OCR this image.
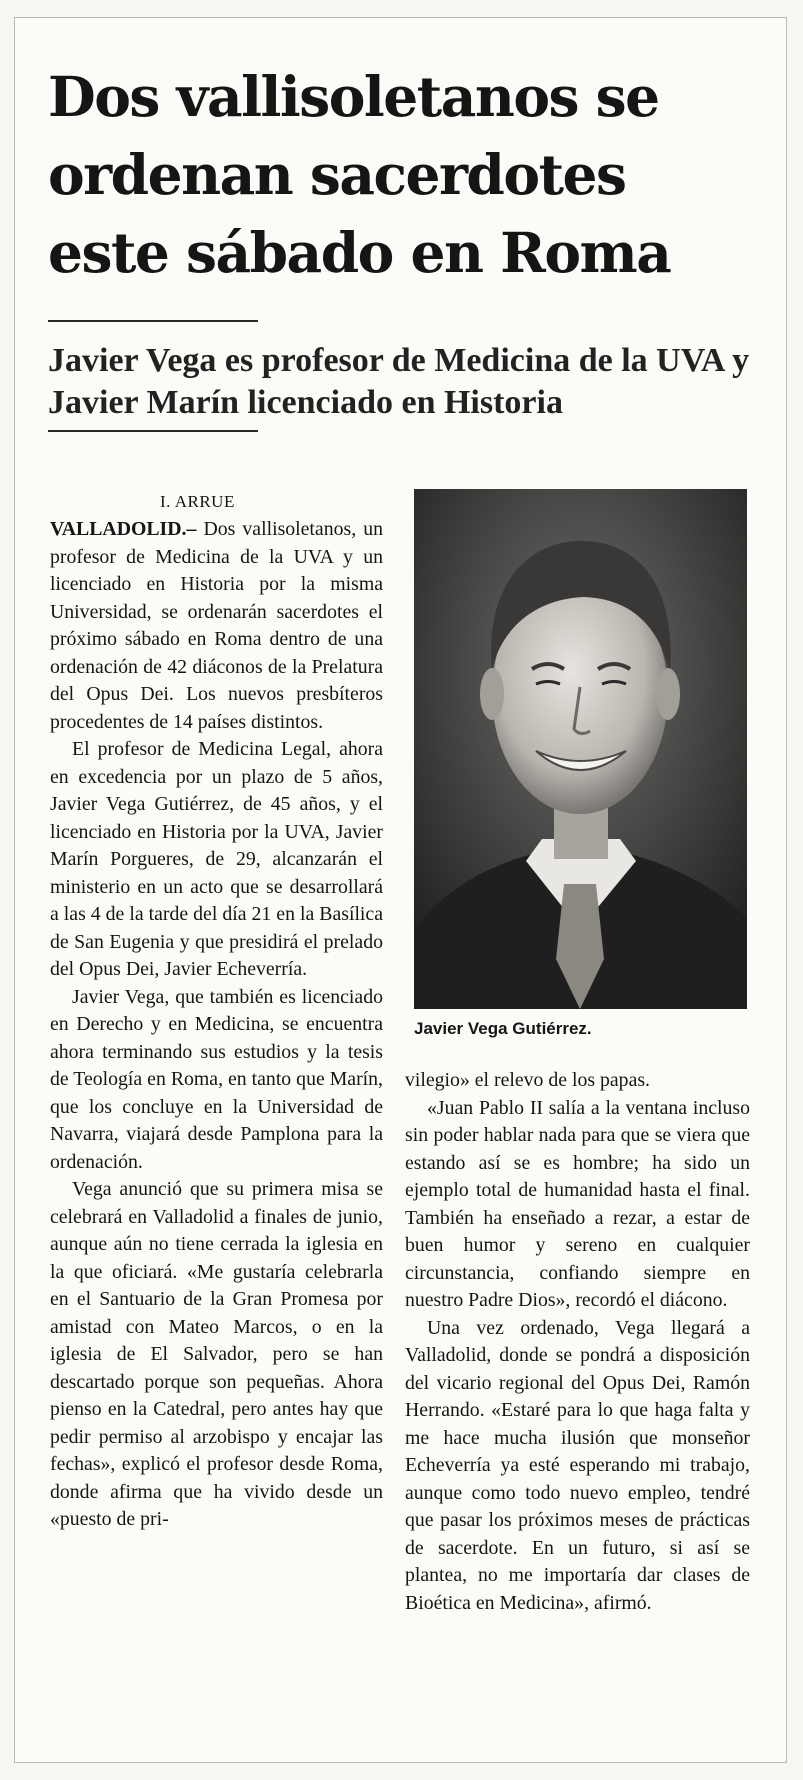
Dos vallisoletanos se ordenan sacerdotes este sábado en Roma
Javier Vega es profesor de Medicina de la UVA y Javier Marín licenciado en Historia
I. ARRUE

VALLADOLID.– Dos vallisoletanos, un profesor de Medicina de la UVA y un licenciado en Historia por la misma Universidad, se ordenarán sacerdotes el próximo sábado en Roma dentro de una ordenación de 42 diáconos de la Prelatura del Opus Dei. Los nuevos presbíteros procedentes de 14 países distintos.

El profesor de Medicina Legal, ahora en excedencia por un plazo de 5 años, Javier Vega Gutiérrez, de 45 años, y el licenciado en Historia por la UVA, Javier Marín Porgueres, de 29, alcanzarán el ministerio en un acto que se desarrollará a las 4 de la tarde del día 21 en la Basílica de San Eugenia y que presidirá el prelado del Opus Dei, Javier Echeverría.

Javier Vega, que también es licenciado en Derecho y en Medicina, se encuentra ahora terminando sus estudios y la tesis de Teología en Roma, en tanto que Marín, que los concluye en la Universidad de Navarra, viajará desde Pamplona para la ordenación.

Vega anunció que su primera misa se celebrará en Valladolid a finales de junio, aunque aún no tiene cerrada la iglesia en la que oficiará. «Me gustaría celebrarla en el Santuario de la Gran Promesa por amistad con Mateo Marcos, o en la iglesia de El Salvador, pero se han descartado porque son pequeñas. Ahora pienso en la Catedral, pero antes hay que pedir permiso al arzobispo y encajar las fechas», explicó el profesor desde Roma, donde afirma que ha vivido desde un «puesto de pri-

Javier Vega Gutiérrez.

vilegio» el relevo de los papas.

«Juan Pablo II salía a la ventana incluso sin poder hablar nada para que se viera que estando así se es hombre; ha sido un ejemplo total de humanidad hasta el final. También ha enseñado a rezar, a estar de buen humor y sereno en cualquier circunstancia, confiando siempre en nuestro Padre Dios», recordó el diácono.

Una vez ordenado, Vega llegará a Valladolid, donde se pondrá a disposición del vicario regional del Opus Dei, Ramón Herrando. «Estaré para lo que haga falta y me hace mucha ilusión que monseñor Echeverría ya esté esperando mi trabajo, aunque como todo nuevo empleo, tendré que pasar los próximos meses de prácticas de sacerdote. En un futuro, si así se plantea, no me importaría dar clases de Bioética en Medicina», afirmó.
